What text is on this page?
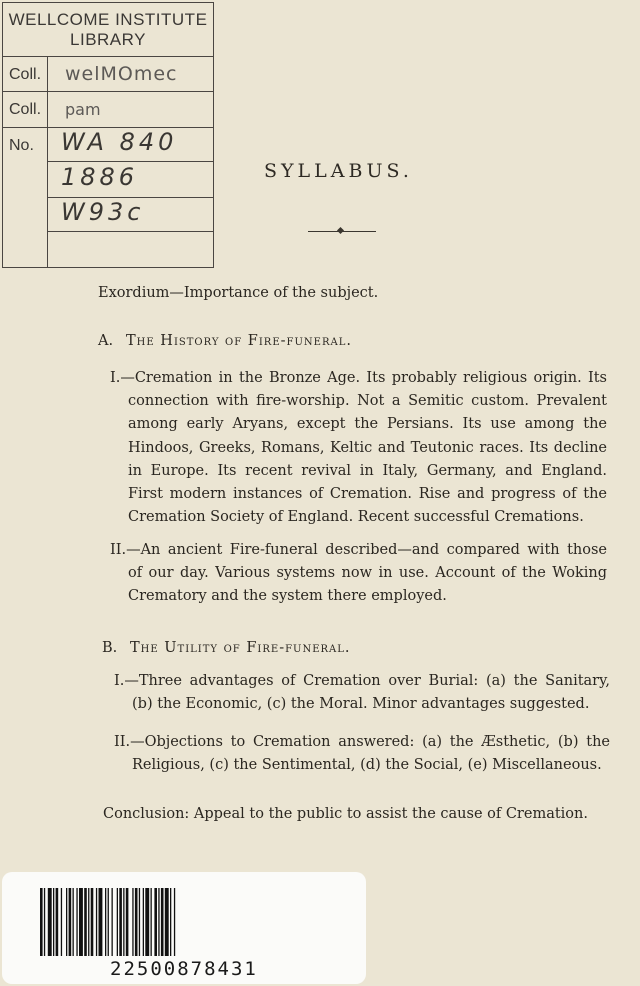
WELLCOME INSTITUTE
LIBRARY
Coll. welMOmec
Coll. pam
No. WA 840
1886
W93c
SYLLABUS.
Exordium—Importance of the subject.
A. The History of Fire-funeral.
I.—Cremation in the Bronze Age. Its probably religious origin. Its connection with fire-worship. Not a Semitic custom. Prevalent among early Aryans, except the Persians. Its use among the Hindoos, Greeks, Romans, Keltic and Teutonic races. Its decline in Europe. Its recent revival in Italy, Germany, and England. First modern instances of Cremation. Rise and progress of the Cremation Society of England. Recent successful Cremations.
II.—An ancient Fire-funeral described—and compared with those of our day. Various systems now in use. Account of the Woking Crematory and the system there employed.
B. The Utility of Fire-funeral.
I.—Three advantages of Cremation over Burial: (a) the Sanitary, (b) the Economic, (c) the Moral. Minor advantages suggested.
II.—Objections to Cremation answered: (a) the Æsthetic, (b) the Religious, (c) the Sentimental, (d) the Social, (e) Miscellaneous.
Conclusion: Appeal to the public to assist the cause of Cremation.
22500878431
